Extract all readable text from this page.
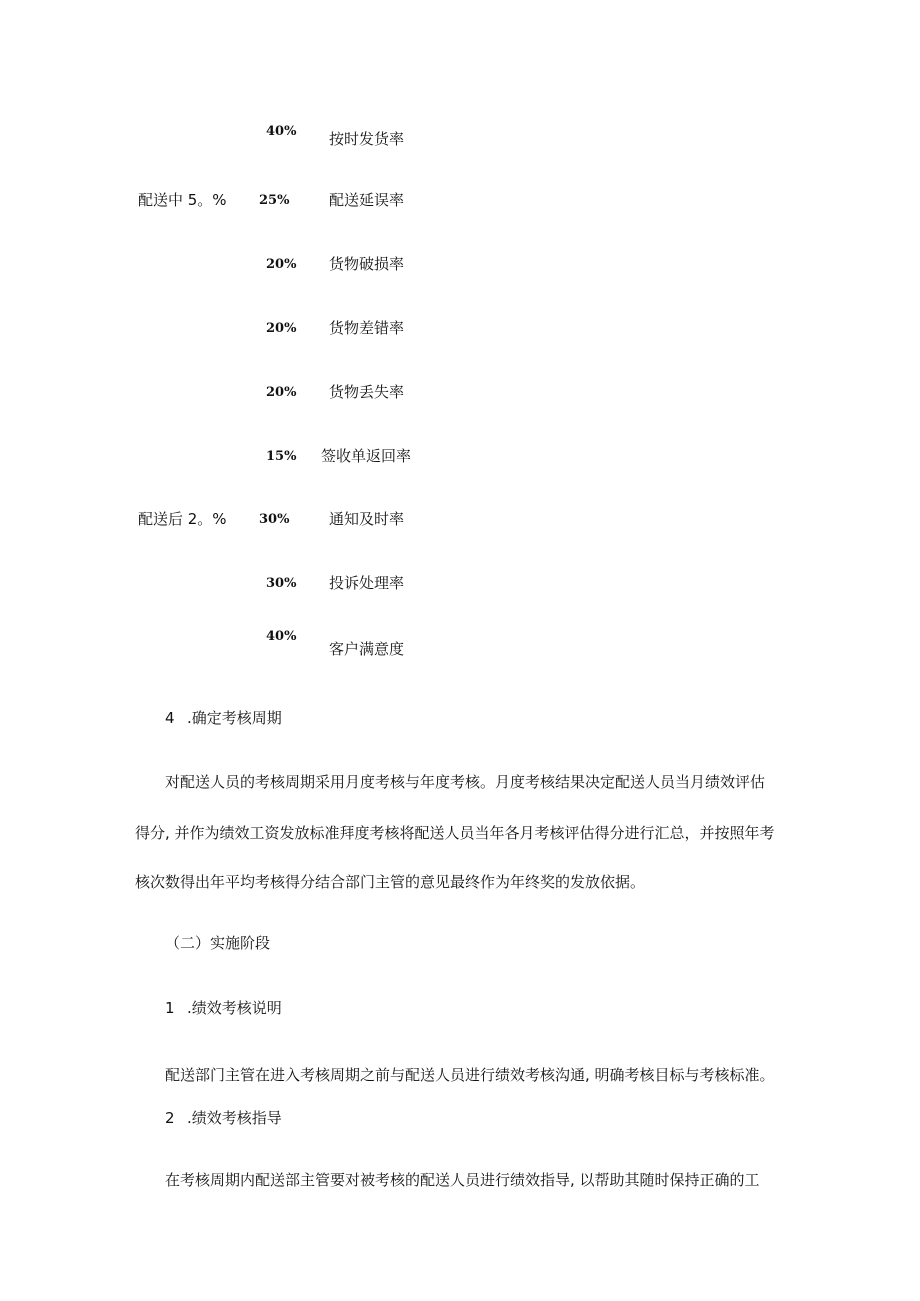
40% 按时发货率
配送中 5。% 25%	配送延误率
20% 货物破损率
20% 货物差错率
20% 货物丢失率
15% 签收单返回率
配送后 2。% 30%	通知及时率
30% 投诉处理率
40%
客户满意度
4 .确定考核周期
对配送人员的考核周期采用月度考核与年度考核。月度考核结果决定配送人员当月绩效评估
得分, 并作为绩效工资发放标准拜度考核将配送人员当年各月考核评估得分进行汇总，并按照年考
核次数得出年平均考核得分结合部门主管的意见最终作为年终奖的发放依据。
（二）实施阶段
1 .绩效考核说明
配送部门主管在进入考核周期之前与配送人员进行绩效考核沟通, 明确考核目标与考核标准。
2 .绩效考核指导
在考核周期内配送部主管要对被考核的配送人员进行绩效指导, 以帮助其随时保持正确的工
